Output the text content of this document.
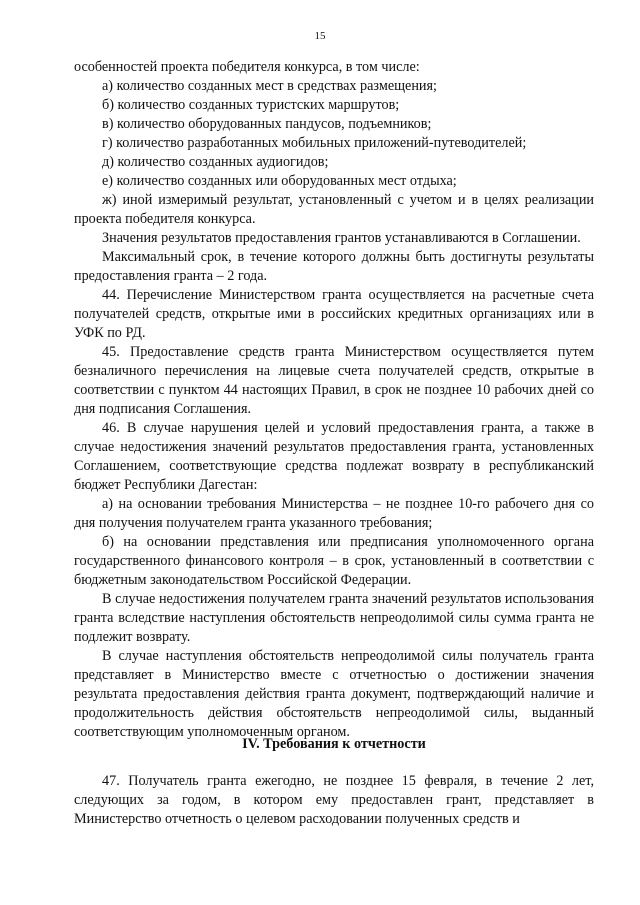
15

особенностей проекта победителя конкурса, в том числе:

а) количество созданных мест в средствах размещения;

б) количество созданных туристских маршрутов;

в) количество оборудованных пандусов, подъемников;

г) количество разработанных мобильных приложений-путеводителей;

д) количество созданных аудиогидов;

е) количество созданных или оборудованных мест отдыха;

ж) иной измеримый результат, установленный с учетом и в целях реализации проекта победителя конкурса.

Значения результатов предоставления грантов устанавливаются в Соглашении.

Максимальный срок, в течение которого должны быть достигнуты результаты предоставления гранта – 2 года.

44. Перечисление Министерством гранта осуществляется на расчетные счета получателей средств, открытые ими в российских кредитных организациях или в УФК по РД.

45. Предоставление средств гранта Министерством осуществляется путем безналичного перечисления на лицевые счета получателей средств, открытые в соответствии с пунктом 44 настоящих Правил, в срок не позднее 10 рабочих дней со дня подписания Соглашения.

46. В случае нарушения целей и условий предоставления гранта, а также в случае недостижения значений результатов предоставления гранта, установленных Соглашением, соответствующие средства подлежат возврату в республиканский бюджет Республики Дагестан:

а) на основании требования Министерства – не позднее 10-го рабочего дня со дня получения получателем гранта указанного требования;

б) на основании представления или предписания уполномоченного органа государственного финансового контроля – в срок, установленный в соответствии с бюджетным законодательством Российской Федерации.

В случае недостижения получателем гранта значений результатов использования гранта вследствие наступления обстоятельств непреодолимой силы сумма гранта не подлежит возврату.

В случае наступления обстоятельств непреодолимой силы получатель гранта представляет в Министерство вместе с отчетностью о достижении значения результата предоставления действия гранта документ, подтверждающий наличие и продолжительность действия обстоятельств непреодолимой силы, выданный соответствующим уполномоченным органом.

IV. Требования к отчетности

47. Получатель гранта ежегодно, не позднее 15 февраля, в течение 2 лет, следующих за годом, в котором ему предоставлен грант, представляет в Министерство отчетность о целевом расходовании полученных средств и
